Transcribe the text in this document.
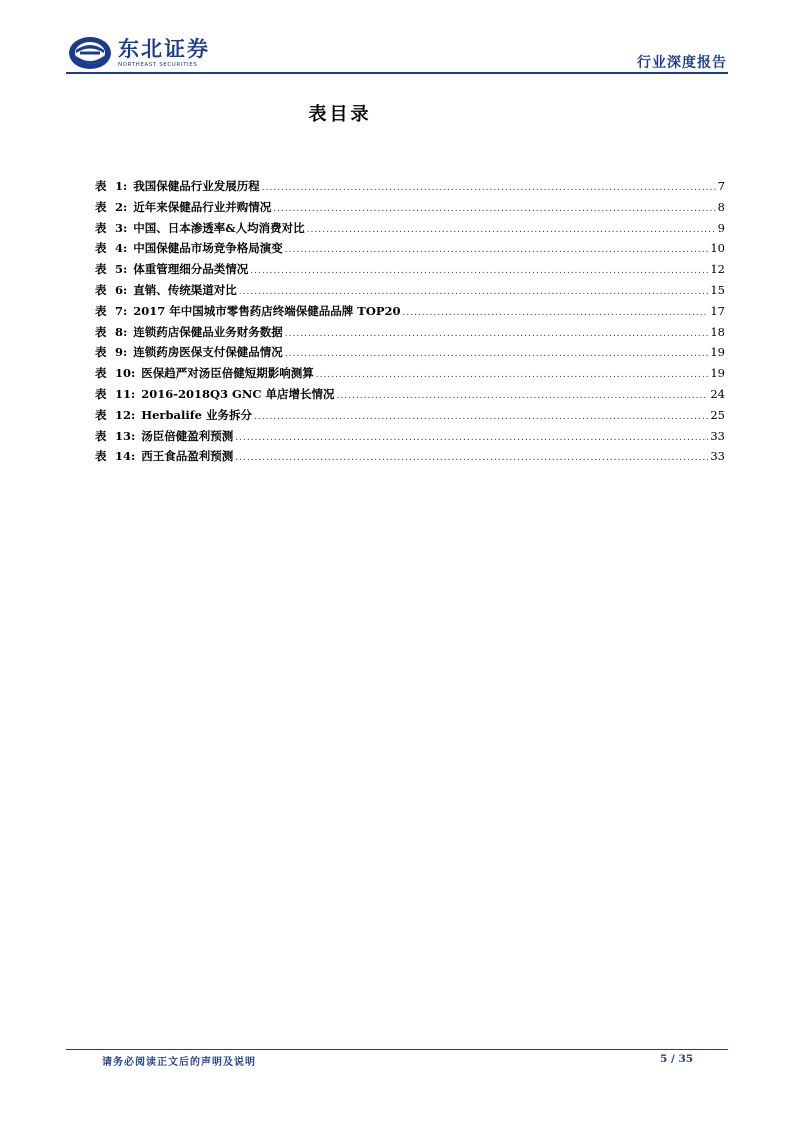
东北证券
NORTHEAST SECURITIES	行业深度报告
表目录
表 1: 我国保健品行业发展历程 .....	7
表 2: 近年来保健品行业并购情况 .....	8
表 3: 中国、日本渗透率&人均消费对比 .....	9
表 4: 中国保健品市场竞争格局演变 .....	10
表 5: 体重管理细分品类情况 .....	12
表 6: 直销、传统渠道对比 .....	15
表 7: 2017 年中国城市零售药店终端保健品品牌 TOP20 .....	17
表 8: 连锁药店保健品业务财务数据 .....	18
表 9: 连锁药房医保支付保健品情况 .....	19
表 10: 医保趋严对汤臣倍健短期影响测算 .....	19
表 11: 2016-2018Q3 GNC 单店增长情况 .....	24
表 12: Herbalife 业务拆分 .....	25
表 13: 汤臣倍健盈利预测 .....	33
表 14: 西王食品盈利预测 .....	33
请务必阅读正文后的声明及说明	5 / 35
